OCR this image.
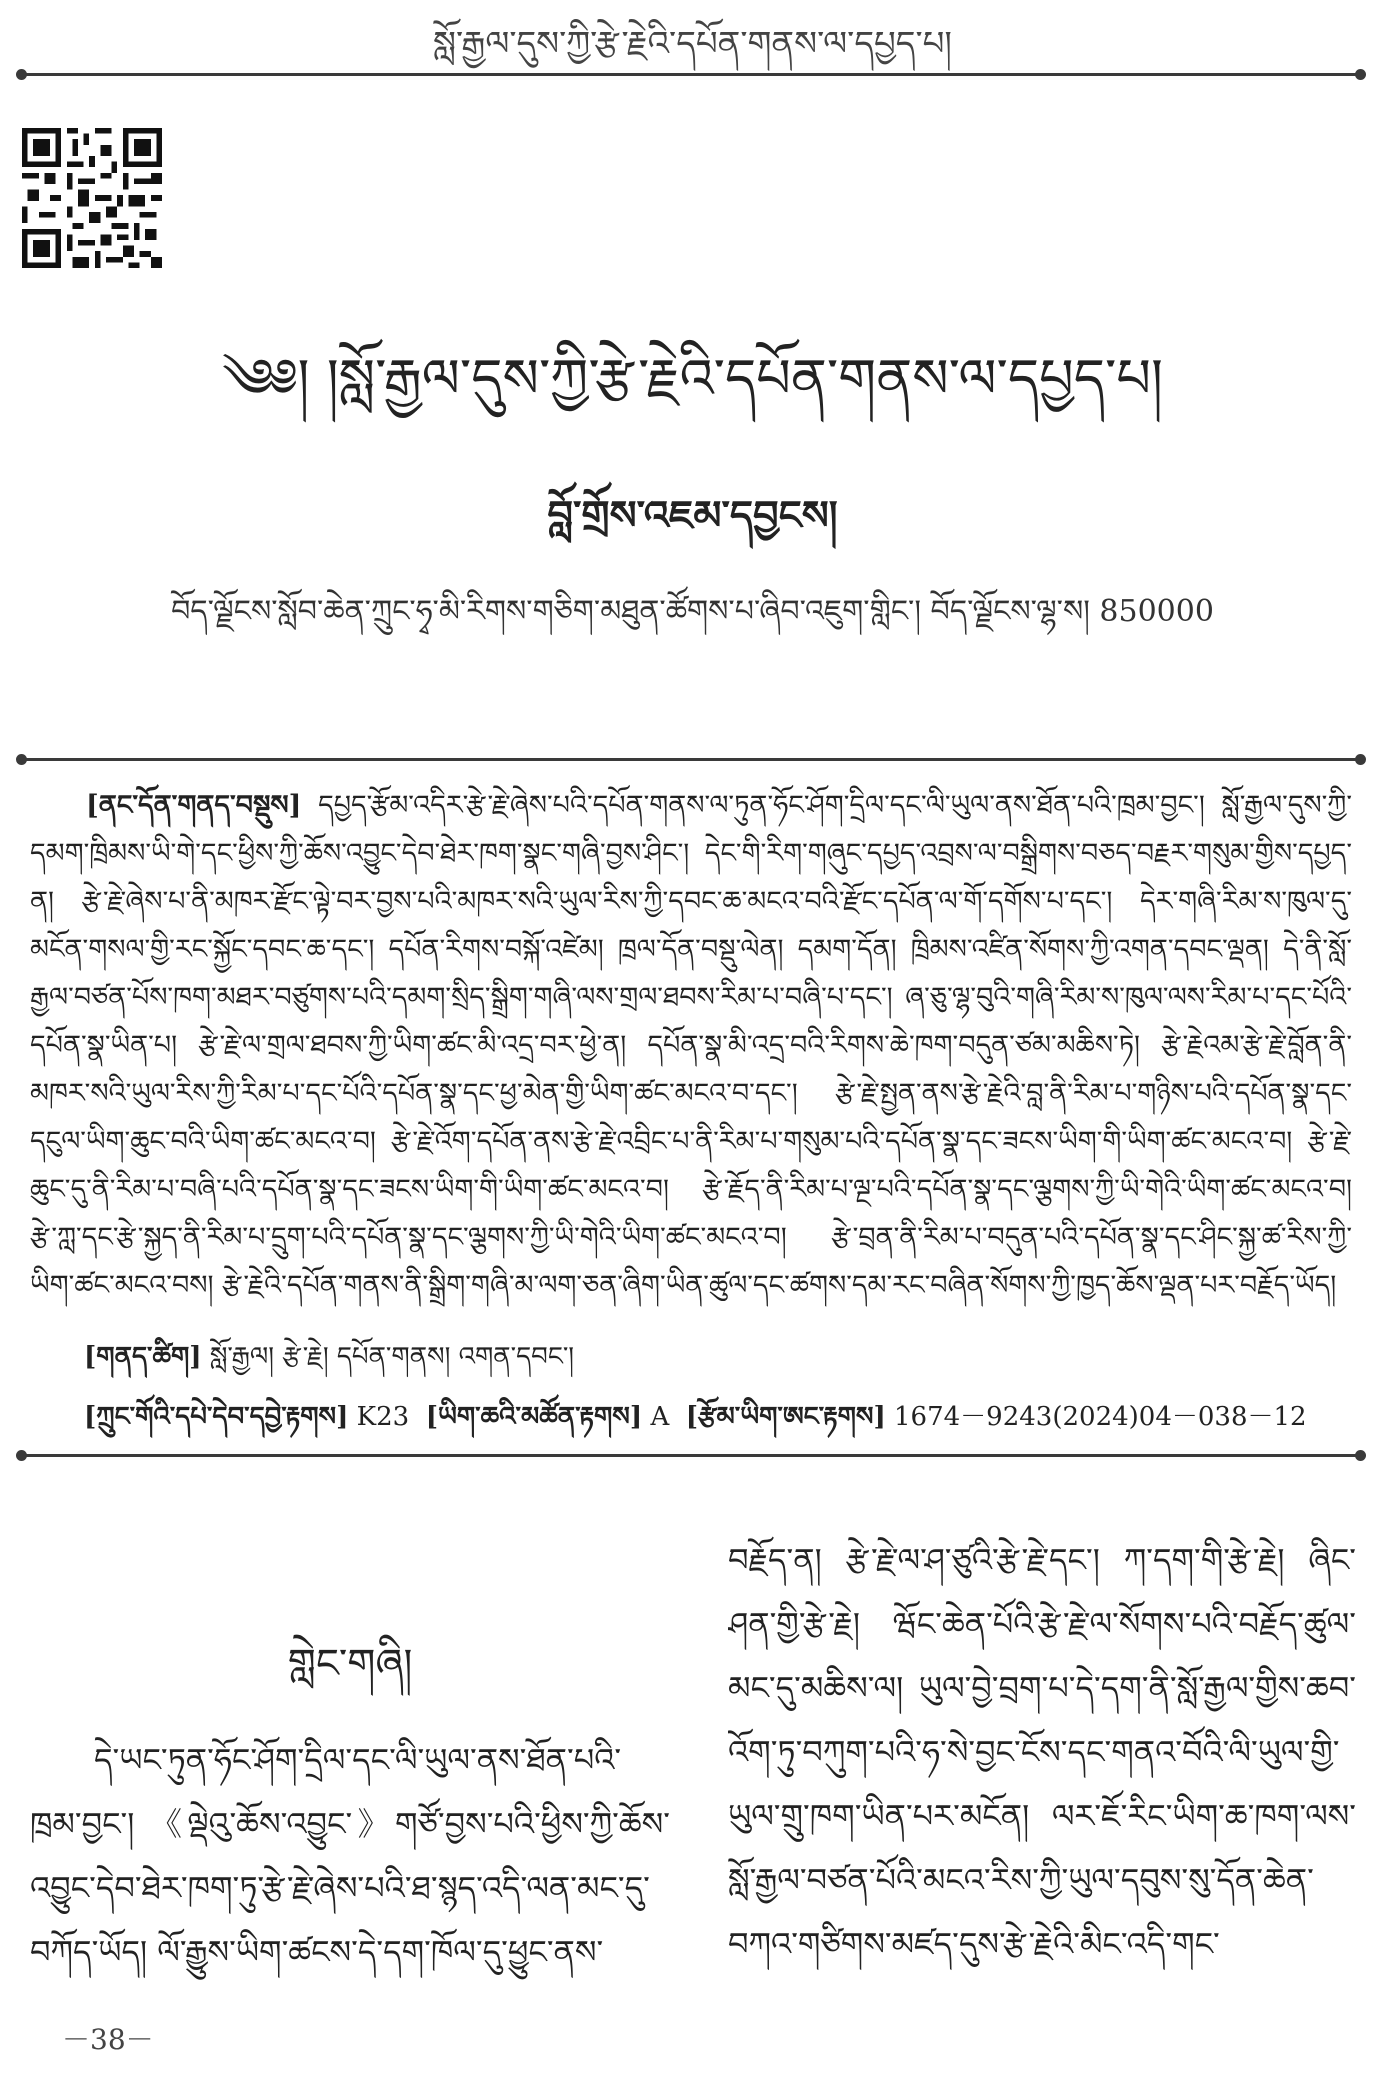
སློ་རྒྱལ་དུས་ཀྱི་རྩེ་རྗེའི་དཔོན་གནས་ལ་དཔྱད་པ།
༄༅། །སློ་རྒྱལ་དུས་ཀྱི་རྩེ་རྗེའི་དཔོན་གནས་ལ་དཔྱད་པ།
བློ་གྲོས་འཇམ་དབྱངས།
བོད་ལྗོངས་སློབ་ཆེན་ཀྲུང་ཧྭ་མི་རིགས་གཅིག་མཐུན་ཚོགས་པ་ཞིབ་འཇུག་གླིང་། བོད་ལྗོངས་ལྷ་ས། 850000

[ནང་དོན་གནད་བསྡུས] དཔྱད་རྩོམ་འདིར་རྩེ་རྗེ་ཞེས་པའི་དཔོན་གནས་ལ་ཏུན་ཧོང་ཤོག་དྲིལ་དང་ལི་ཡུལ་ནས་ཐོན་པའི་ཁྲམ་བྱང་། སློ་རྒྱལ་དུས་ཀྱི་དམག་ཁྲིམས་ཡི་གེ་དང་ཕྱིས་ཀྱི་ཆོས་འབྱུང་དེབ་ཐེར་ཁག་སྣང་གཞི་བྱས་ཤིང་། དེང་གི་རིག་གཞུང་དཔྱད་འབྲས་ལ་བསྒྲིགས་བཅད་བརྗར་གསུམ་གྱིས་དཔྱད་ན། རྩེ་རྗེ་ཞེས་པ་ནི་མཁར་རྫོང་ལྟེ་བར་བྱས་པའི་མཁར་སའི་ཡུལ་རིས་ཀྱི་དབང་ཆ་མངའ་བའི་རྫོང་དཔོན་ལ་གོ་དགོས་པ་དང་། དེར་གཞི་རིམ་ས་ཁུལ་དུ་མངོན་གསལ་གྱི་རང་སྐྱོང་དབང་ཆ་དང་། དཔོན་རིགས་བསྐོ་འཛེམ། ཁྲལ་དོན་བསྡུ་ལེན། དམག་དོན། ཁྲིམས་འཛིན་སོགས་ཀྱི་འགན་དབང་ལྡན། དེ་ནི་སློ་རྒྱལ་བཙན་པོས་ཁག་མཐར་བཙུགས་པའི་དམག་སྲིད་སྒྲིག་གཞི་ལས་གྲལ་ཐབས་རིམ་པ་བཞི་པ་དང་། ཞ་ཅུ་ལྷ་བུའི་གཞི་རིམ་ས་ཁུལ་ལས་རིམ་པ་དང་པོའི་དཔོན་སྣ་ཡིན་པ། རྩེ་རྗེ་ལ་གྲལ་ཐབས་ཀྱི་ཡིག་ཚང་མི་འདྲ་བར་ཕྱེ་ན། དཔོན་སྣ་མི་འདྲ་བའི་རིགས་ཆེ་ཁག་བདུན་ཙམ་མཆིས་ཏེ། རྩེ་རྗེའམ་རྩེ་རྗེ་བློན་ནི་མཁར་སའི་ཡུལ་རིས་ཀྱི་རིམ་པ་དང་པོའི་དཔོན་སྣ་དང་ཕྱ་མེན་གྱི་ཡིག་ཚང་མངའ་བ་དང་། རྩེ་རྗེ་སྤྱན་ནས་རྩེ་རྗེའི་བླ་ནི་རིམ་པ་གཉིས་པའི་དཔོན་སྣ་དང་དངུལ་ཡིག་ཆུང་བའི་ཡིག་ཚང་མངའ་བ། རྩེ་རྗེ་འོག་དཔོན་ནས་རྩེ་རྗེ་འབྲིང་པ་ནི་རིམ་པ་གསུམ་པའི་དཔོན་སྣ་དང་ཟངས་ཡིག་གི་ཡིག་ཚང་མངའ་བ། རྩེ་རྗེ་ཆུང་དུ་ནི་རིམ་པ་བཞི་པའི་དཔོན་སྣ་དང་ཟངས་ཡིག་གི་ཡིག་ཚང་མངའ་བ། རྩེ་རྗོད་ནི་རིམ་པ་ལྔ་པའི་དཔོན་སྣ་དང་ལྕགས་ཀྱི་ཡི་གེའི་ཡིག་ཚང་མངའ་བ། རྩེ་ཀླ་དང་རྩེ་སྐྱད་ནི་རིམ་པ་དྲུག་པའི་དཔོན་སྣ་དང་ལྕགས་ཀྱི་ཡི་གེའི་ཡིག་ཚང་མངའ་བ། རྩེ་བྲན་ནི་རིམ་པ་བདུན་པའི་དཔོན་སྣ་དང་ཤིང་སྐྱ་ཚ་རིས་ཀྱི་ཡིག་ཚང་མངའ་བས། རྩེ་རྗེའི་དཔོན་གནས་ནི་སྒྲིག་གཞི་མ་ལག་ཅན་ཞིག་ཡིན་ཚུལ་དང་ཚགས་དམ་རང་བཞིན་སོགས་ཀྱི་ཁྱད་ཆོས་ལྡན་པར་བརྗོད་ཡོད།

[གནད་ཚིག] སློ་རྒྱལ། རྩེ་རྗེ། དཔོན་གནས། འགན་དབང་།
[ཀྲུང་གོའི་དཔེ་དེབ་དབྱེ་རྟགས] K23 [ཡིག་ཆའི་མཚོན་རྟགས] A [རྩོམ་ཡིག་ཨང་རྟགས] 1674－9243(2024)04－038－12
གླེང་གཞི།

དེ་ཡང་ཏུན་ཧོང་ཤོག་དྲིལ་དང་ལི་ཡུལ་ནས་ཐོན་པའི་ཁྲམ་བྱང་། 《ལྡེའུ་ཆོས་འབྱུང་》གཙོ་བྱས་པའི་ཕྱིས་ཀྱི་ཆོས་འབྱུང་དེབ་ཐེར་ཁག་ཏུ་རྩེ་རྗེ་ཞེས་པའི་ཐ་སྙད་འདི་ལན་མང་དུ་བཀོད་ཡོད། ལོ་རྒྱུས་ཡིག་ཚངས་དེ་དག་ཁོལ་དུ་ཕྱུང་ནས་

བརྗོད་ན། རྩེ་རྗེ་ལ་ཤ་ཙུའི་རྩེ་རྗེ་དང་། ཀ་དག་གི་རྩེ་རྗེ། ཞིང་ཤན་གྱི་རྩེ་རྗེ། ཝོང་ཆེན་པོའི་རྩེ་རྗེ་ལ་སོགས་པའི་བརྗོད་ཚུལ་མང་དུ་མཆིས་ལ། ཡུལ་བྱེ་བྲག་པ་དེ་དག་ནི་སློ་རྒྱལ་གྱིས་ཆབ་འོག་ཏུ་བཀུག་པའི་ཧ་སེ་བྱང་ངོས་དང་གནའ་བོའི་ལི་ཡུལ་གྱི་ཡུལ་གྲུ་ཁག་ཡིན་པར་མངོན། ལར་ཇོ་རིང་ཡིག་ཆ་ཁག་ལས་སློ་རྒྱལ་བཙན་པོའི་མངའ་རིས་ཀྱི་ཡུལ་དབུས་སུ་དོན་ཆེན་བཀའ་གཙིགས་མཛད་དུས་རྩེ་རྗེའི་མིང་འདི་གང་

－38－
